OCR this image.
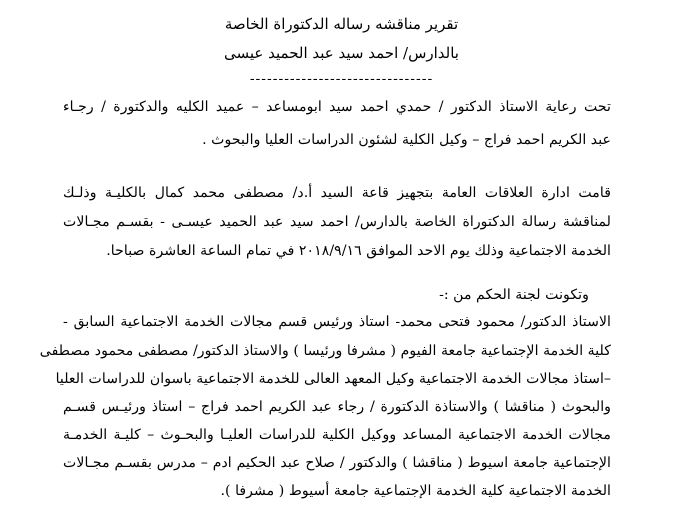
تقرير مناقشه رساله الدكتوراة الخاصة
بالدارس/ احمد سيد عبد الحميد عيسى
--------------------------------
تحت رعاية الاستاذ الدكتور / حمدي احمد سيد ابومساعد – عميد الكليه والدكتورة / رجـاء
عبد الكريم احمد فراج – وكيل الكلية لشئون الدراسات العليا والبحوث .
قامت ادارة العلاقات العامة بتجهيز قاعة السيد أ.د/ مصطفى محمد كمال بالكليـة وذلـك
لمناقشة رسالة الدكتوراة الخاصة بالدارس/ احمد سيد عبد الحميد عيسـى - بقسـم مجـالات
الخدمة الاجتماعية وذلك يوم الاحد الموافق ٢٠١٨/٩/١٦ في تمام الساعة العاشرة صباحا.
وتكونت لجنة الحكم من :-
الاستاذ الدكتور/ محمود فتحى محمد- استاذ ورئيس قسم مجالات الخدمة الاجتماعية السابق -
كلية الخدمة الإجتماعية جامعة الفيوم ( مشرفا ورئيسا ) والاستاذ الدكتور/ مصطفى محمود مصطفى
–استاذ مجالات الخدمة الاجتماعية وكيل المعهد العالى للخدمة الاجتماعية باسوان للدراسات العليا
والبحوث ( مناقشا ) والاستاذة الدكتورة / رجاء عبد الكريم احمد فراج – استاذ ورئيـس قسـم
مجالات الخدمة الاجتماعية المساعد ووكيل الكلية للدراسات العليـا والبحـوث – كليـة الخدمـة
الإجتماعية جامعة اسيوط ( مناقشا ) والدكتور / صلاح عبد الحكيم ادم – مدرس بقسـم مجـالات
الخدمة الاجتماعية كلية الخدمة الإجتماعية جامعة أسيوط ( مشرفا ).
